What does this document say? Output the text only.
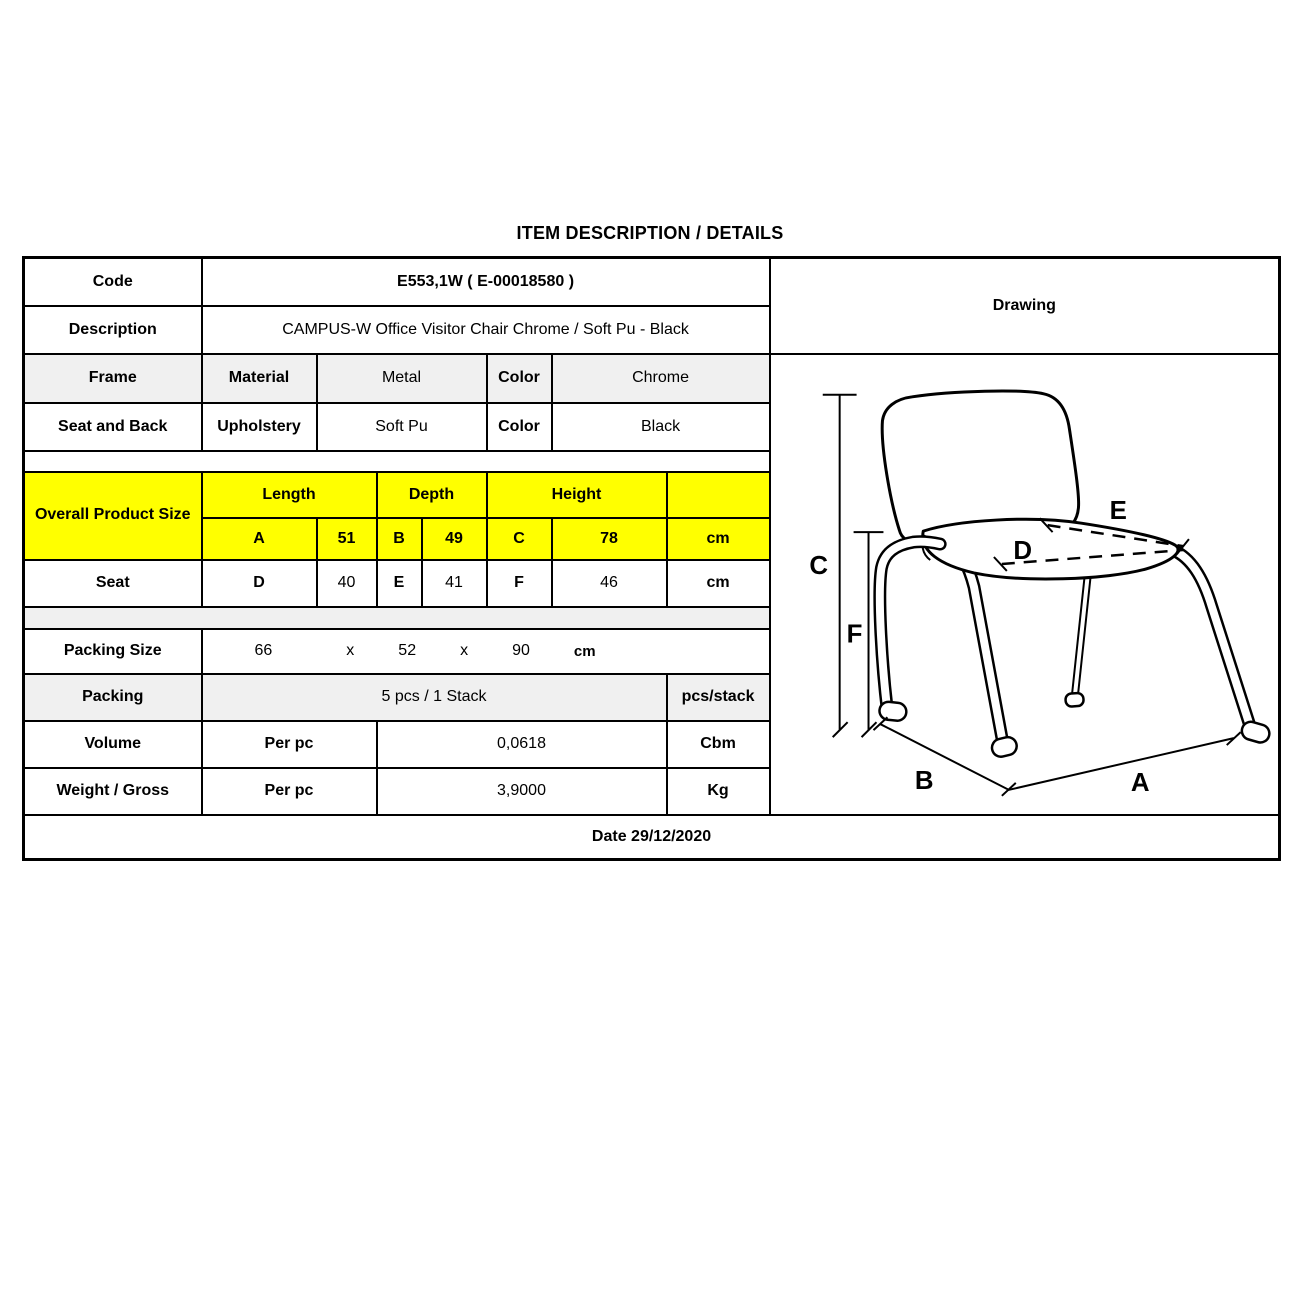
ITEM DESCRIPTION / DETAILS
Code	E553,1W ( E-00018580 )							Drawing
Description	CAMPUS-W Office Visitor Chair Chrome / Soft Pu - Black							
Frame	Material	Metal	Color	Chrome	
C
F
E
D
B	A

Seat and Back	Upholstery	Soft Pu			Color	Black		

Overall Product Size	Length		Depth		Height			
	A	51	B	49	C	78	cm	
Seat	D	40	E	41	F	46	cm	

Packing Size	66	x	52	x	90	cm

Packing	5 pcs / 1 Stack						pcs/stack	
Volume	Per pc		0,0618				Cbm	
Weight / Gross	Per pc		3,9000				Kg	
Date 29/12/2020								
